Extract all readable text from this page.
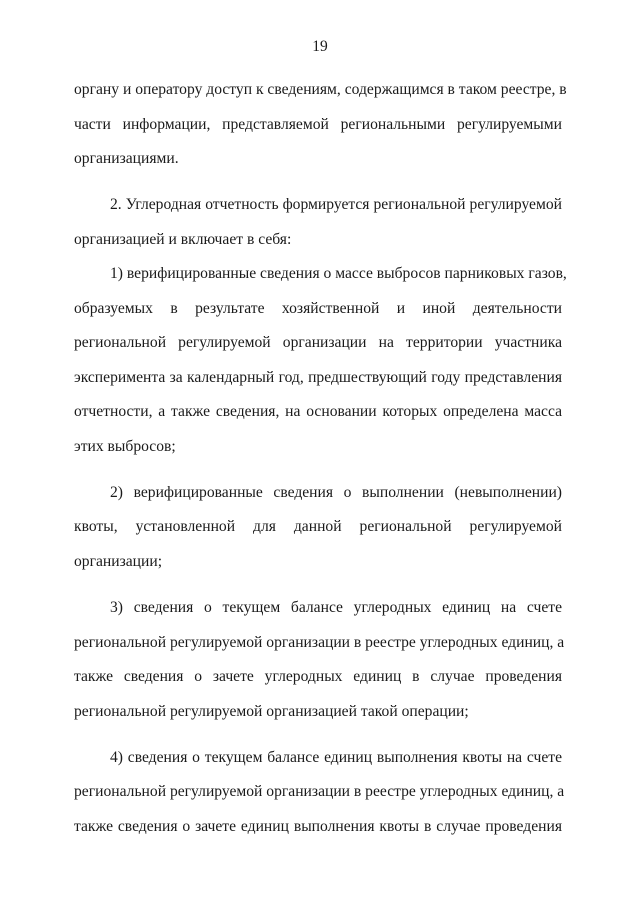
19
органу и оператору доступ к сведениям, содержащимся в таком реестре, в
части информации, представляемой региональными регулируемыми
организациями.
2. Углеродная отчетность формируется региональной регулируемой
организацией и включает в себя:
1) верифицированные сведения о массе выбросов парниковых газов,
образуемых в результате хозяйственной и иной деятельности
региональной регулируемой организации на территории участника
эксперимента за календарный год, предшествующий году представления
отчетности, а также сведения, на основании которых определена масса
этих выбросов;
2) верифицированные сведения о выполнении (невыполнении)
квоты, установленной для данной региональной регулируемой
организации;
3) сведения о текущем балансе углеродных единиц на счете
региональной регулируемой организации в реестре углеродных единиц, а
также сведения о зачете углеродных единиц в случае проведения
региональной регулируемой организацией такой операции;
4) сведения о текущем балансе единиц выполнения квоты на счете
региональной регулируемой организации в реестре углеродных единиц, а
также сведения о зачете единиц выполнения квоты в случае проведения
